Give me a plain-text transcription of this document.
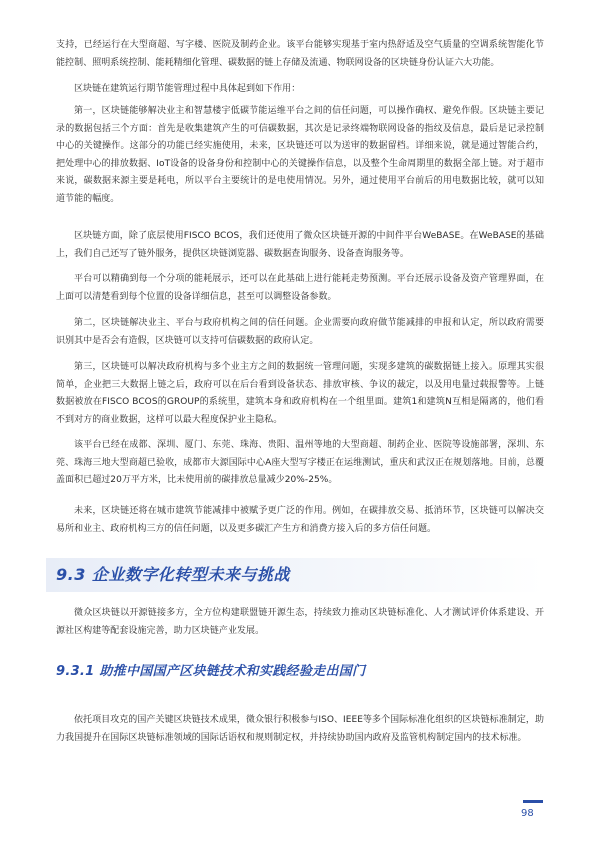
支持，已经运行在大型商超、写字楼、医院及制药企业。该平台能够实现基于室内热舒适及空气质量的空调系统智能化节能控制、照明系统控制、能耗精细化管理、碳数据的链上存储及流通、物联网设备的区块链身份认证六大功能。

区块链在建筑运行期节能管理过程中具体起到如下作用：

第一，区块链能够解决业主和智慧楼宇低碳节能运维平台之间的信任问题，可以操作确权、避免作假。区块链主要记录的数据包括三个方面：首先是收集建筑产生的可信碳数据，其次是记录终端物联网设备的指纹及信息，最后是记录控制中心的关键操作。这部分的功能已经实施使用，未来，区块链还可以为送审的数据留档。详细来说，就是通过智能合约，把处理中心的排放数据、IoT设备的设备身份和控制中心的关键操作信息，以及整个生命周期里的数据全部上链。对于超市来说，碳数据来源主要是耗电，所以平台主要统计的是电使用情况。另外，通过使用平台前后的用电数据比较，就可以知道节能的幅度。

区块链方面，除了底层使用FISCO BCOS，我们还使用了微众区块链开源的中间件平台WeBASE。在WeBASE的基础上，我们自己还写了链外服务，提供区块链浏览器、碳数据查询服务、设备查询服务等。

平台可以精确到每一个分项的能耗展示，还可以在此基础上进行能耗走势预测。平台还展示设备及资产管理界面，在上面可以清楚看到每个位置的设备详细信息，甚至可以调整设备参数。

第二，区块链解决业主、平台与政府机构之间的信任问题。企业需要向政府做节能减排的申报和认定，所以政府需要识别其中是否会有造假，区块链可以支持可信碳数据的政府认定。

第三，区块链可以解决政府机构与多个业主方之间的数据统一管理问题，实现多建筑的碳数据链上接入。原理其实很简单，企业把三大数据上链之后，政府可以在后台看到设备状态、排放审核、争议的裁定，以及用电量过载报警等。上链数据被放在FISCO BCOS的GROUP的系统里，建筑本身和政府机构在一个组里面。建筑1和建筑N互相是隔离的，他们看不到对方的商业数据，这样可以最大程度保护业主隐私。

该平台已经在成都、深圳、厦门、东莞、珠海、贵阳、温州等地的大型商超、制药企业、医院等设施部署，深圳、东莞、珠海三地大型商超已验收，成都市大源国际中心A座大型写字楼正在运维测试，重庆和武汉正在规划落地。目前，总覆盖面积已超过20万平方米，比未使用前的碳排放总量减少20%-25%。

未来，区块链还将在城市建筑节能减排中被赋予更广泛的作用。例如，在碳排放交易、抵消环节，区块链可以解决交易所和业主、政府机构三方的信任问题，以及更多碳汇产生方和消费方接入后的多方信任问题。

9.3 企业数字化转型未来与挑战

微众区块链以开源链接多方，全方位构建联盟链开源生态，持续致力推动区块链标准化、人才测试评价体系建设、开源社区构建等配套设施完善，助力区块链产业发展。

9.3.1 助推中国国产区块链技术和实践经验走出国门

依托项目攻克的国产关键区块链技术成果，微众银行积极参与ISO、IEEE等多个国际标准化组织的区块链标准制定，助力我国提升在国际区块链标准领域的国际话语权和规则制定权，并持续协助国内政府及监管机构制定国内的技术标准。

98
